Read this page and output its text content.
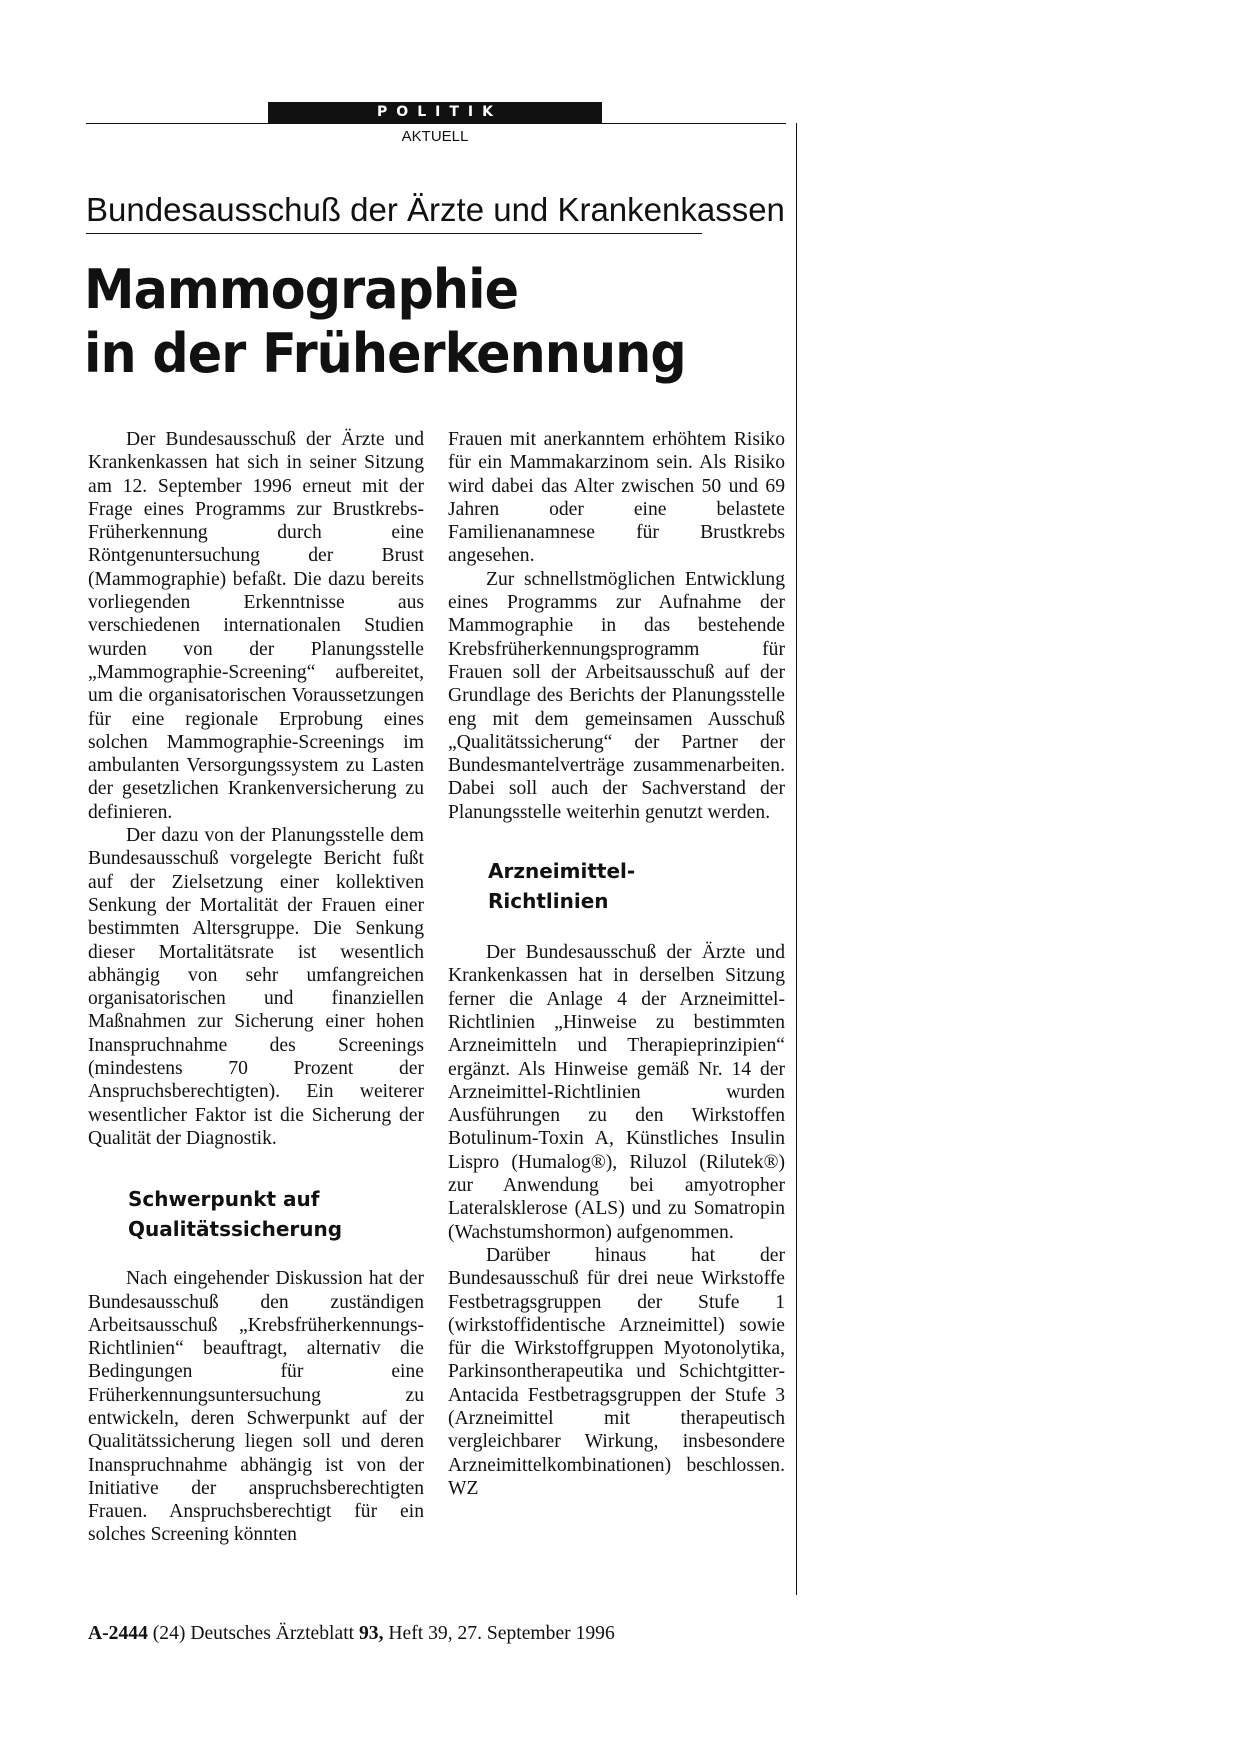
POLITIK
AKTUELL
Bundesausschuß der Ärzte und Krankenkassen
Mammographie
in der Früherkennung

Der Bundesausschuß der Ärzte und Krankenkassen hat sich in seiner Sitzung am 12. September 1996 erneut mit der Frage eines Programms zur Brustkrebs-Früherkennung durch eine Röntgenuntersuchung der Brust (Mammographie) befaßt. Die dazu bereits vorliegenden Erkenntnisse aus verschiedenen internationalen Studien wurden von der Planungsstelle „Mammographie-Screening“ aufbereitet, um die organisatorischen Voraussetzungen für eine regionale Erprobung eines solchen Mammographie-Screenings im ambulanten Versorgungssystem zu Lasten der gesetzlichen Krankenversicherung zu definieren.

Der dazu von der Planungsstelle dem Bundesausschuß vorgelegte Bericht fußt auf der Zielsetzung einer kollektiven Senkung der Mortalität der Frauen einer bestimmten Altersgruppe. Die Senkung dieser Mortalitätsrate ist wesentlich abhängig von sehr umfangreichen organisatorischen und finanziellen Maßnahmen zur Sicherung einer hohen Inanspruchnahme des Screenings (mindestens 70 Prozent der Anspruchsberechtigten). Ein weiterer wesentlicher Faktor ist die Sicherung der Qualität der Diagnostik.

Schwerpunkt auf
Qualitätssicherung

Nach eingehender Diskussion hat der Bundesausschuß den zuständigen Arbeitsausschuß „Krebsfrüherkennungs-Richtlinien“ beauftragt, alternativ die Bedingungen für eine Früherkennungsuntersuchung zu entwickeln, deren Schwerpunkt auf der Qualitätssicherung liegen soll und deren Inanspruchnahme abhängig ist von der Initiative der anspruchsberechtigten Frauen. Anspruchsberechtigt für ein solches Screening könnten

Frauen mit anerkanntem erhöhtem Risiko für ein Mammakarzinom sein. Als Risiko wird dabei das Alter zwischen 50 und 69 Jahren oder eine belastete Familienanamnese für Brustkrebs angesehen.

Zur schnellstmöglichen Entwicklung eines Programms zur Aufnahme der Mammographie in das bestehende Krebsfrüherkennungsprogramm für Frauen soll der Arbeitsausschuß auf der Grundlage des Berichts der Planungsstelle eng mit dem gemeinsamen Ausschuß „Qualitätssicherung“ der Partner der Bundesmantelverträge zusammenarbeiten. Dabei soll auch der Sachverstand der Planungsstelle weiterhin genutzt werden.

Arzneimittel-
Richtlinien

Der Bundesausschuß der Ärzte und Krankenkassen hat in derselben Sitzung ferner die Anlage 4 der Arzneimittel-Richtlinien „Hinweise zu bestimmten Arzneimitteln und Therapieprinzipien“ ergänzt. Als Hinweise gemäß Nr. 14 der Arzneimittel-Richtlinien wurden Ausführungen zu den Wirkstoffen Botulinum-Toxin A, Künstliches Insulin Lispro (Humalog®), Riluzol (Rilutek®) zur Anwendung bei amyotropher Lateralsklerose (ALS) und zu Somatropin (Wachstumshormon) aufgenommen.

Darüber hinaus hat der Bundesausschuß für drei neue Wirkstoffe Festbetragsgruppen der Stufe 1 (wirkstoffidentische Arzneimittel) sowie für die Wirkstoffgruppen Myotonolytika, Parkinsontherapeutika und Schichtgitter-Antacida Festbetragsgruppen der Stufe 3 (Arzneimittel mit therapeutisch vergleichbarer Wirkung, insbesondere Arzneimittelkombinationen) beschlossen. WZ

A-2444 (24) Deutsches Ärzteblatt 93, Heft 39, 27. September 1996
